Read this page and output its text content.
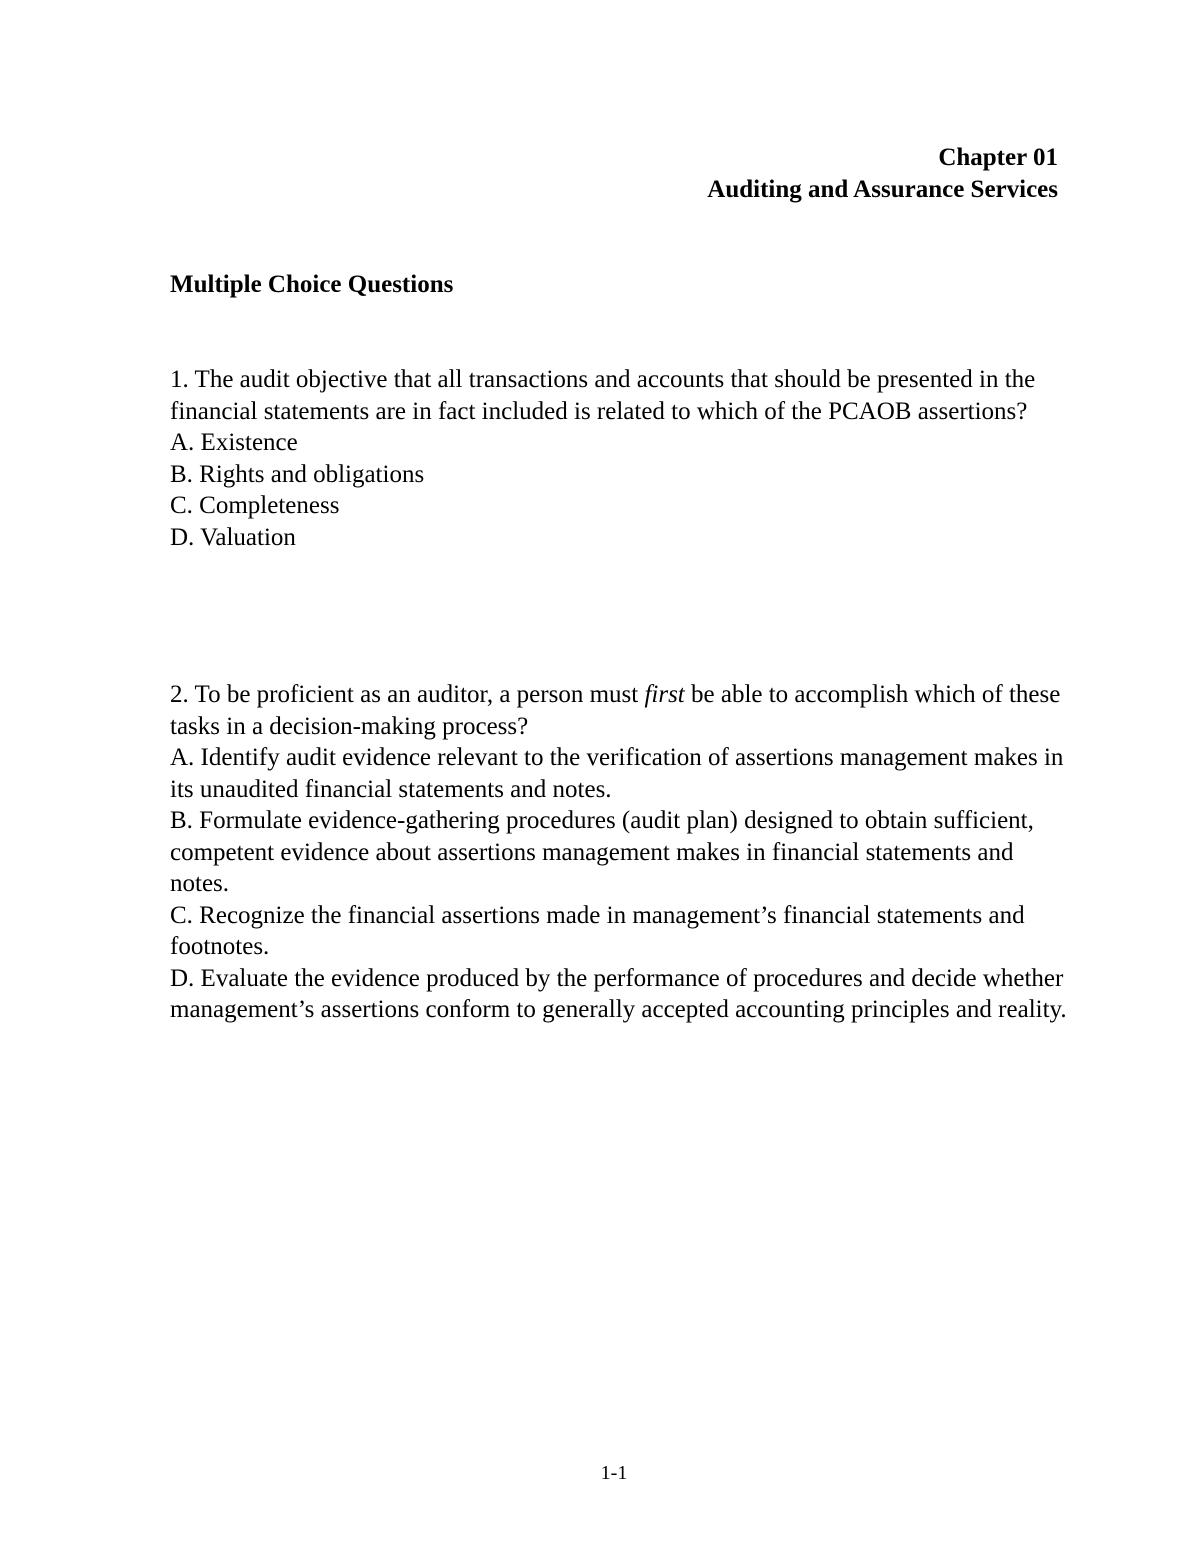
Chapter 01
Auditing and Assurance Services
Multiple Choice Questions
1. The audit objective that all transactions and accounts that should be presented in the financial statements are in fact included is related to which of the PCAOB assertions?
A. Existence
B. Rights and obligations
C. Completeness
D. Valuation
2. To be proficient as an auditor, a person must first be able to accomplish which of these tasks in a decision-making process?
A. Identify audit evidence relevant to the verification of assertions management makes in its unaudited financial statements and notes.
B. Formulate evidence-gathering procedures (audit plan) designed to obtain sufficient, competent evidence about assertions management makes in financial statements and notes.
C. Recognize the financial assertions made in management’s financial statements and footnotes.
D. Evaluate the evidence produced by the performance of procedures and decide whether management’s assertions conform to generally accepted accounting principles and reality.
1-1
